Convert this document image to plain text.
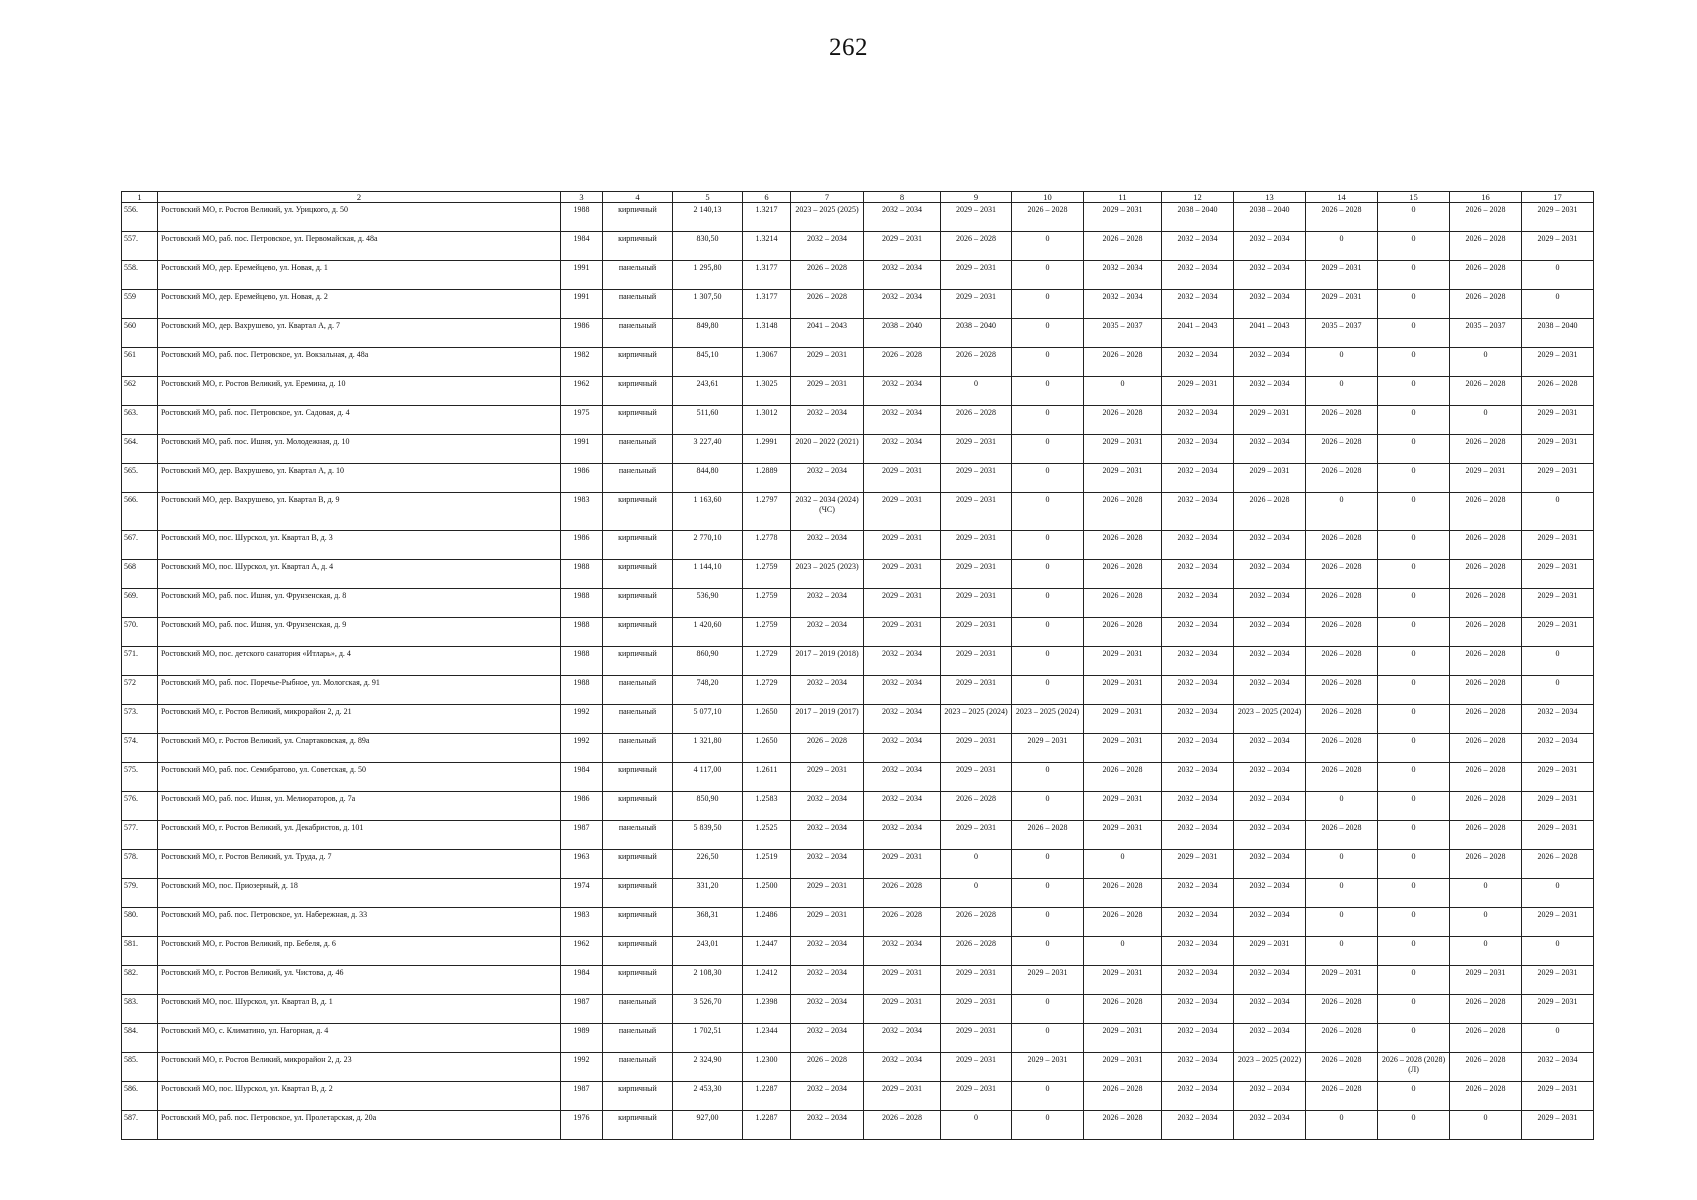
262
1	2	3	4	5	6	7	8	9	10	11	12	13	14	15	16	17
556.	Ростовский МО, г. Ростов Великий, ул. Урицкого, д. 50	1988	кирпичный	2 140,13	1.3217	2023 – 2025 (2025)	2032 – 2034	2029 – 2031	2026 – 2028	2029 – 2031	2038 – 2040	2038 – 2040	2026 – 2028	0	2026 – 2028	2029 – 2031
557.	Ростовский МО, раб. пос. Петровское, ул. Первомайская, д. 48а	1984	кирпичный	830,50	1.3214	2032 – 2034	2029 – 2031	2026 – 2028	0	2026 – 2028	2032 – 2034	2032 – 2034	0	0	2026 – 2028	2029 – 2031
558.	Ростовский МО, дер. Еремейцево, ул. Новая, д. 1	1991	панельный	1 295,80	1.3177	2026 – 2028	2032 – 2034	2029 – 2031	0	2032 – 2034	2032 – 2034	2032 – 2034	2029 – 2031	0	2026 – 2028	0
559	Ростовский МО, дер. Еремейцево, ул. Новая, д. 2	1991	панельный	1 307,50	1.3177	2026 – 2028	2032 – 2034	2029 – 2031	0	2032 – 2034	2032 – 2034	2032 – 2034	2029 – 2031	0	2026 – 2028	0
560	Ростовский МО, дер. Вахрушево, ул. Квартал А, д. 7	1986	панельный	849,80	1.3148	2041 – 2043	2038 – 2040	2038 – 2040	0	2035 – 2037	2041 – 2043	2041 – 2043	2035 – 2037	0	2035 – 2037	2038 – 2040
561	Ростовский МО, раб. пос. Петровское, ул. Вокзальная, д. 48а	1982	кирпичный	845,10	1.3067	2029 – 2031	2026 – 2028	2026 – 2028	0	2026 – 2028	2032 – 2034	2032 – 2034	0	0	0	2029 – 2031
562	Ростовский МО, г. Ростов Великий, ул. Еремина, д. 10	1962	кирпичный	243,61	1.3025	2029 – 2031	2032 – 2034	0	0	0	2029 – 2031	2032 – 2034	0	0	2026 – 2028	2026 – 2028
563.	Ростовский МО, раб. пос. Петровское, ул. Садовая, д. 4	1975	кирпичный	511,60	1.3012	2032 – 2034	2032 – 2034	2026 – 2028	0	2026 – 2028	2032 – 2034	2029 – 2031	2026 – 2028	0	0	2029 – 2031
564.	Ростовский МО, раб. пос. Ишня, ул. Молодежная, д. 10	1991	панельный	3 227,40	1.2991	2020 – 2022 (2021)	2032 – 2034	2029 – 2031	0	2029 – 2031	2032 – 2034	2032 – 2034	2026 – 2028	0	2026 – 2028	2029 – 2031
565.	Ростовский МО, дер. Вахрушево, ул. Квартал А, д. 10	1986	панельный	844,80	1.2889	2032 – 2034	2029 – 2031	2029 – 2031	0	2029 – 2031	2032 – 2034	2029 – 2031	2026 – 2028	0	2029 – 2031	2029 – 2031
566.	Ростовский МО, дер. Вахрушево, ул. Квартал В, д. 9	1983	кирпичный	1 163,60	1.2797	2032 – 2034 (2024) (ЧС)	2029 – 2031	2029 – 2031	0	2026 – 2028	2032 – 2034	2026 – 2028	0	0	2026 – 2028	0
567.	Ростовский МО, пос. Шурскол, ул. Квартал В, д. 3	1986	кирпичный	2 770,10	1.2778	2032 – 2034	2029 – 2031	2029 – 2031	0	2026 – 2028	2032 – 2034	2032 – 2034	2026 – 2028	0	2026 – 2028	2029 – 2031
568	Ростовский МО, пос. Шурскол, ул. Квартал А, д. 4	1988	кирпичный	1 144,10	1.2759	2023 – 2025 (2023)	2029 – 2031	2029 – 2031	0	2026 – 2028	2032 – 2034	2032 – 2034	2026 – 2028	0	2026 – 2028	2029 – 2031
569.	Ростовский МО, раб. пос. Ишня, ул. Фрунзенская, д. 8	1988	кирпичный	536,90	1.2759	2032 – 2034	2029 – 2031	2029 – 2031	0	2026 – 2028	2032 – 2034	2032 – 2034	2026 – 2028	0	2026 – 2028	2029 – 2031
570.	Ростовский МО, раб. пос. Ишня, ул. Фрунзенская, д. 9	1988	кирпичный	1 420,60	1.2759	2032 – 2034	2029 – 2031	2029 – 2031	0	2026 – 2028	2032 – 2034	2032 – 2034	2026 – 2028	0	2026 – 2028	2029 – 2031
571.	Ростовский МО, пос. детского санатория «Итларь», д. 4	1988	кирпичный	860,90	1.2729	2017 – 2019 (2018)	2032 – 2034	2029 – 2031	0	2029 – 2031	2032 – 2034	2032 – 2034	2026 – 2028	0	2026 – 2028	0
572	Ростовский МО, раб. пос. Поречье-Рыбное, ул. Мологская, д. 91	1988	панельный	748,20	1.2729	2032 – 2034	2032 – 2034	2029 – 2031	0	2029 – 2031	2032 – 2034	2032 – 2034	2026 – 2028	0	2026 – 2028	0
573.	Ростовский МО, г. Ростов Великий, микрорайон 2, д. 21	1992	панельный	5 077,10	1.2650	2017 – 2019 (2017)	2032 – 2034	2023 – 2025 (2024)	2023 – 2025 (2024)	2029 – 2031	2032 – 2034	2023 – 2025 (2024)	2026 – 2028	0	2026 – 2028	2032 – 2034
574.	Ростовский МО, г. Ростов Великий, ул. Спартаковская, д. 89а	1992	панельный	1 321,80	1.2650	2026 – 2028	2032 – 2034	2029 – 2031	2029 – 2031	2029 – 2031	2032 – 2034	2032 – 2034	2026 – 2028	0	2026 – 2028	2032 – 2034
575.	Ростовский МО, раб. пос. Семибратово, ул. Советская, д. 50	1984	кирпичный	4 117,00	1.2611	2029 – 2031	2032 – 2034	2029 – 2031	0	2026 – 2028	2032 – 2034	2032 – 2034	2026 – 2028	0	2026 – 2028	2029 – 2031
576.	Ростовский МО, раб. пос. Ишня, ул. Мелиораторов, д. 7а	1986	кирпичный	850,90	1.2583	2032 – 2034	2032 – 2034	2026 – 2028	0	2029 – 2031	2032 – 2034	2032 – 2034	0	0	2026 – 2028	2029 – 2031
577.	Ростовский МО, г. Ростов Великий, ул. Декабристов, д. 101	1987	панельный	5 839,50	1.2525	2032 – 2034	2032 – 2034	2029 – 2031	2026 – 2028	2029 – 2031	2032 – 2034	2032 – 2034	2026 – 2028	0	2026 – 2028	2029 – 2031
578.	Ростовский МО, г. Ростов Великий, ул. Труда, д. 7	1963	кирпичный	226,50	1.2519	2032 – 2034	2029 – 2031	0	0	0	2029 – 2031	2032 – 2034	0	0	2026 – 2028	2026 – 2028
579.	Ростовский МО, пос. Приозерный, д. 18	1974	кирпичный	331,20	1.2500	2029 – 2031	2026 – 2028	0	0	2026 – 2028	2032 – 2034	2032 – 2034	0	0	0	0
580.	Ростовский МО, раб. пос. Петровское, ул. Набережная, д. 33	1983	кирпичный	368,31	1.2486	2029 – 2031	2026 – 2028	2026 – 2028	0	2026 – 2028	2032 – 2034	2032 – 2034	0	0	0	2029 – 2031
581.	Ростовский МО, г. Ростов Великий, пр. Бебеля, д. 6	1962	кирпичный	243,01	1.2447	2032 – 2034	2032 – 2034	2026 – 2028	0	0	2032 – 2034	2029 – 2031	0	0	0	0
582.	Ростовский МО, г. Ростов Великий, ул. Чистова, д. 46	1984	кирпичный	2 108,30	1.2412	2032 – 2034	2029 – 2031	2029 – 2031	2029 – 2031	2029 – 2031	2032 – 2034	2032 – 2034	2029 – 2031	0	2029 – 2031	2029 – 2031
583.	Ростовский МО, пос. Шурскол, ул. Квартал В, д. 1	1987	панельный	3 526,70	1.2398	2032 – 2034	2029 – 2031	2029 – 2031	0	2026 – 2028	2032 – 2034	2032 – 2034	2026 – 2028	0	2026 – 2028	2029 – 2031
584.	Ростовский МО, с. Климатино, ул. Нагорная, д. 4	1989	панельный	1 702,51	1.2344	2032 – 2034	2032 – 2034	2029 – 2031	0	2029 – 2031	2032 – 2034	2032 – 2034	2026 – 2028	0	2026 – 2028	0
585.	Ростовский МО, г. Ростов Великий, микрорайон 2, д. 23	1992	панельный	2 324,90	1.2300	2026 – 2028	2032 – 2034	2029 – 2031	2029 – 2031	2029 – 2031	2032 – 2034	2023 – 2025 (2022)	2026 – 2028	2026 – 2028 (2028) (Л)	2026 – 2028	2032 – 2034
586.	Ростовский МО, пос. Шурскол, ул. Квартал В, д. 2	1987	кирпичный	2 453,30	1.2287	2032 – 2034	2029 – 2031	2029 – 2031	0	2026 – 2028	2032 – 2034	2032 – 2034	2026 – 2028	0	2026 – 2028	2029 – 2031
587.	Ростовский МО, раб. пос. Петровское, ул. Пролетарская, д. 20а	1976	кирпичный	927,00	1.2287	2032 – 2034	2026 – 2028	0	0	2026 – 2028	2032 – 2034	2032 – 2034	0	0	0	2029 – 2031
